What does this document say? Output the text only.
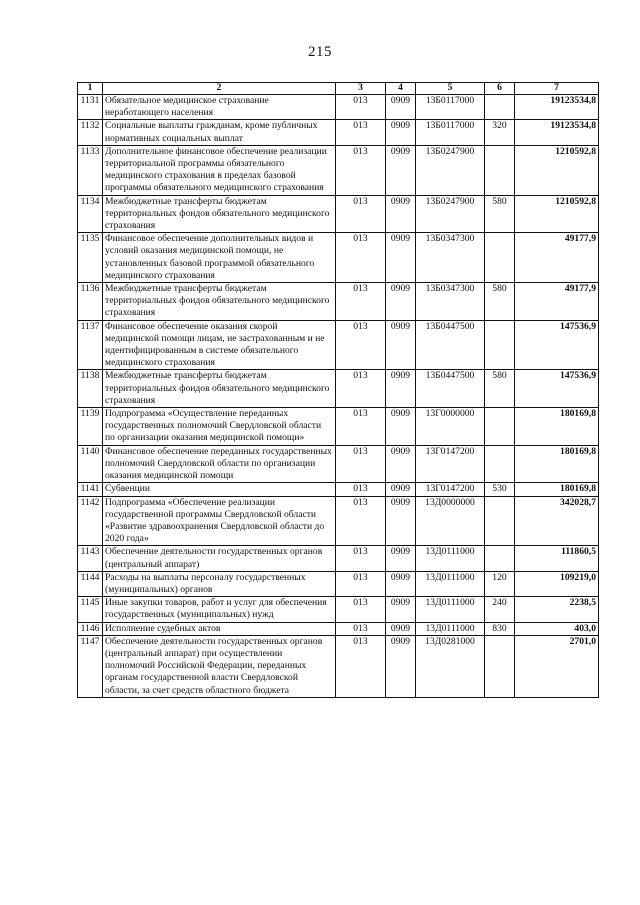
215
1	2	3	4	5	6	7
1131	Обязательное медицинское страхование неработающего населения	013	0909	13Б0117000		19123534,8
1132	Социальные выплаты гражданам, кроме публичных нормативных социальных выплат	013	0909	13Б0117000	320	19123534,8
1133	Дополнительное финансовое обеспечение реализации территориальной программы обязательного медицинского страхования в пределах базовой программы обязательного медицинского страхования	013	0909	13Б0247900		1210592,8
1134	Межбюджетные трансферты бюджетам территориальных фондов обязательного медицинского страхования	013	0909	13Б0247900	580	1210592,8
1135	Финансовое обеспечение дополнительных видов и условий оказания медицинской помощи, не установленных базовой программой обязательного медицинского страхования	013	0909	13Б0347300		49177,9
1136	Межбюджетные трансферты бюджетам территориальных фондов обязательного медицинского страхования	013	0909	13Б0347300	580	49177,9
1137	Финансовое обеспечение оказания скорой медицинской помощи лицам, не застрахованным и не идентифицированным в системе обязательного медицинского страхования	013	0909	13Б0447500		147536,9
1138	Межбюджетные трансферты бюджетам территориальных фондов обязательного медицинского страхования	013	0909	13Б0447500	580	147536,9
1139	Подпрограмма «Осуществление переданных государственных полномочий Свердловской области по организации оказания медицинской помощи»	013	0909	13Г0000000		180169,8
1140	Финансовое обеспечение переданных государственных полномочий Свердловской области по организации оказания медицинской помощи	013	0909	13Г0147200		180169,8
1141	Субвенции	013	0909	13Г0147200	530	180169,8
1142	Подпрограмма «Обеспечение реализации государственной программы Свердловской области «Развитие здравоохранения Свердловской области до 2020 года»	013	0909	13Д0000000		342028,7
1143	Обеспечение деятельности государственных органов (центральный аппарат)	013	0909	13Д0111000		111860,5
1144	Расходы на выплаты персоналу государственных (муниципальных) органов	013	0909	13Д0111000	120	109219,0
1145	Иные закупки товаров, работ и услуг для обеспечения государственных (муниципальных) нужд	013	0909	13Д0111000	240	2238,5
1146	Исполнение судебных актов	013	0909	13Д0111000	830	403,0
1147	Обеспечение деятельности государственных органов (центральный аппарат) при осуществлении полномочий Российской Федерации, переданных органам государственной власти Свердловской области, за счет средств областного бюджета	013	0909	13Д0281000		2701,0
